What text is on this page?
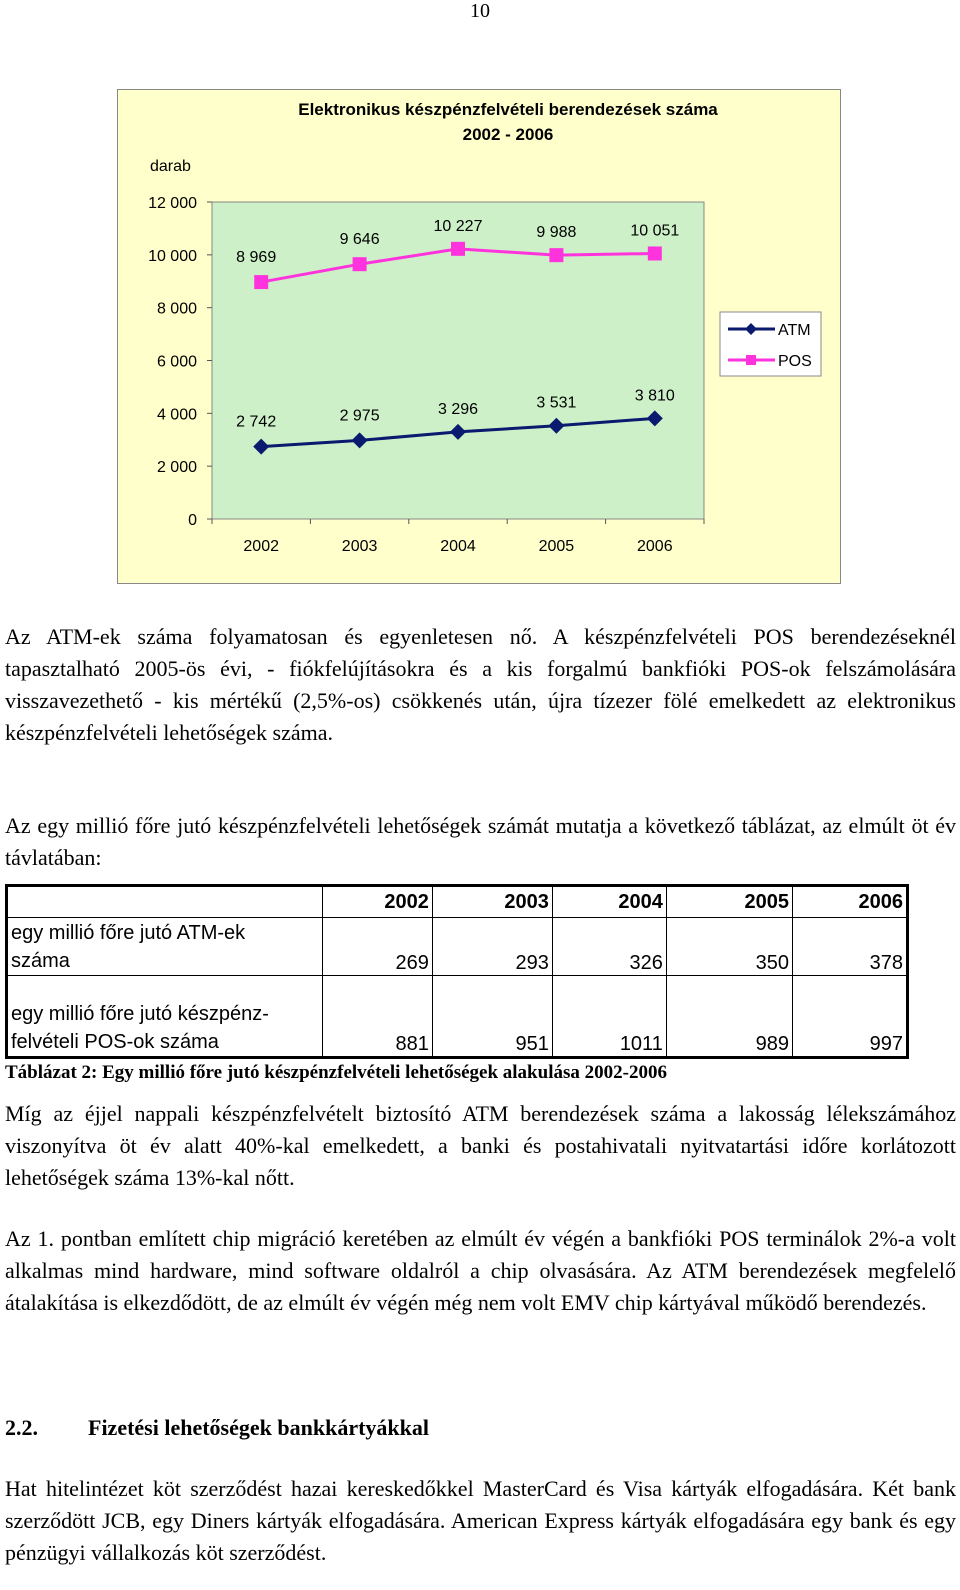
10
Elektronikus készpénzfelvételi berendezések száma
2002 - 2006
darab
0
2 000
4 000
6 000
8 000
10 000
12 000
2002	2003	2004	2005	2006
2 742	2 975	3 296	3 531	3 810
8 969
9 646
10 227	9 988	10 051
ATM
POS

Az ATM-ek száma folyamatosan és egyenletesen nő. A készpénzfelvételi POS berendezéseknél tapasztalható 2005-ös évi, - fiókfelújításokra és a kis forgalmú bankfióki POS-ok felszámolására visszavezethető - kis mértékű (2,5%-os) csökkenés után, újra tízezer fölé emelkedett az elektronikus készpénzfelvételi lehetőségek száma.

Az egy millió főre jutó készpénzfelvételi lehetőségek számát mutatja a következő táblázat, az elmúlt öt év távlatában:

	2002	2003	2004	2005	2006
egy millió főre jutó ATM-ek
száma	269	293	326	350	378
egy millió főre jutó készpénz-
felvételi POS-ok száma	881	951	1011	989	997
Táblázat 2: Egy millió főre jutó készpénzfelvételi lehetőségek alakulása 2002-2006

Míg az éjjel nappali készpénzfelvételt biztosító ATM berendezések száma a lakosság lélekszámához viszonyítva öt év alatt 40%-kal emelkedett, a banki és postahivatali nyitvatartási időre korlátozott lehetőségek száma 13%-kal nőtt.

Az 1. pontban említett chip migráció keretében az elmúlt év végén a bankfióki POS terminálok 2%-a volt alkalmas mind hardware, mind software oldalról a chip olvasására. Az ATM berendezések megfelelő átalakítása is elkezdődött, de az elmúlt év végén még nem volt EMV chip kártyával működő berendezés.

2.2. Fizetési lehetőségek bankkártyákkal

Hat hitelintézet köt szerződést hazai kereskedőkkel MasterCard és Visa kártyák elfogadására. Két bank szerződött JCB, egy Diners kártyák elfogadására. American Express kártyák elfogadására egy bank és egy pénzügyi vállalkozás köt szerződést.
